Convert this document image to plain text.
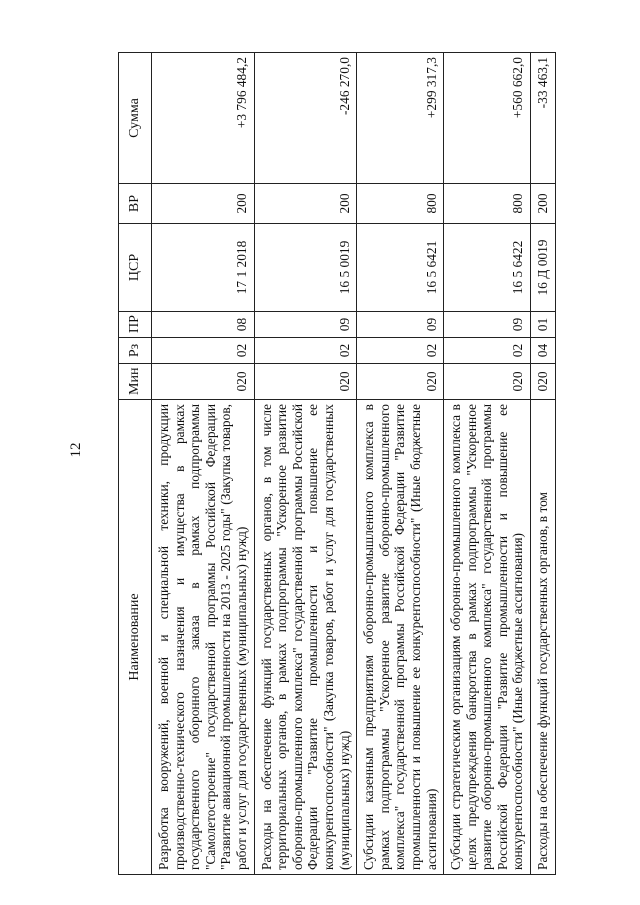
12
Наименование	Мин	Рз	ПР	ЦСР	ВР	Сумма
Разработка вооружений, военной и специальной техники, продукции производственно-технического назначения и имущества в рамках государственного оборонного заказа в рамках подпрограммы "Самолетостроение" государственной программы Российской Федерации "Развитие авиационной промышленности на 2013 - 2025 годы" (Закупка товаров, работ и услуг для государственных (муниципальных) нужд)	020	02	08	17 1 2018	200	+3 796 484,2
Расходы на обеспечение функций государственных органов, в том числе территориальных органов, в рамках подпрограммы "Ускоренное развитие оборонно-промышленного комплекса" государственной программы Российской Федерации "Развитие промышленности и повышение ее конкурентоспособности" (Закупка товаров, работ и услуг для государственных (муниципальных) нужд)	020	02	09	16 5 0019	200	-246 270,0
Субсидии казенным предприятиям оборонно-промышленного комплекса в рамках подпрограммы "Ускоренное развитие оборонно-промышленного комплекса" государственной программы Российской Федерации "Развитие промышленности и повышение ее конкурентоспособности" (Иные бюджетные ассигнования)	020	02	09	16 5 6421	800	+299 317,3
Субсидии стратегическим организациям оборонно-промышленного комплекса в целях предупреждения банкротства в рамках подпрограммы "Ускоренное развитие оборонно-промышленного комплекса" государственной программы Российской Федерации "Развитие промышленности и повышение ее конкурентоспособности" (Иные бюджетные ассигнования)	020	02	09	16 5 6422	800	+560 662,0
Расходы на обеспечение функций государственных органов, в том	020	04	01	16 Д 0019	200	-33 463,1
